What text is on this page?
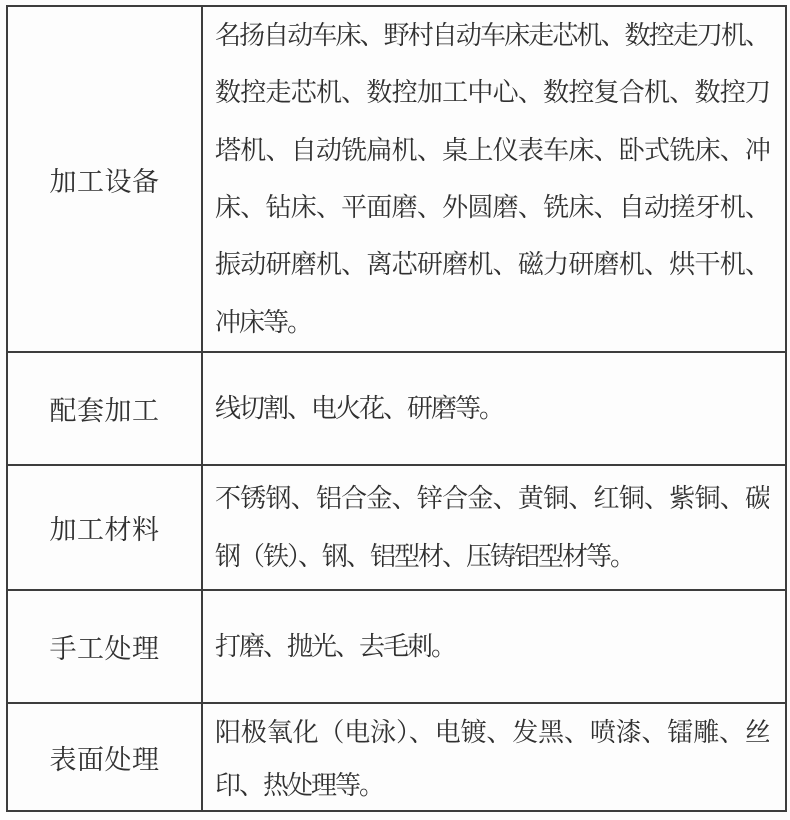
加工设备
名扬自动车床、野村自动车床走芯机、数控走刀机、
数控走芯机、数控加工中心、数控复合机、数控刀
塔机、自动铣扁机、桌上仪表车床、卧式铣床、冲
床、钻床、平面磨、外圆磨、铣床、自动搓牙机、
振动研磨机、离芯研磨机、磁力研磨机、烘干机、
冲床等。
配套加工 线切割、电火花、研磨等。
加工材料
不锈钢、铝合金、锌合金、黄铜、红铜、紫铜、碳
钢（铁）、钢、铝型材、压铸铝型材等。
手工处理 打磨、抛光、去毛刺。
表面处理
阳极氧化（电泳）、电镀、发黑、喷漆、镭雕、丝
印、热处理等。
